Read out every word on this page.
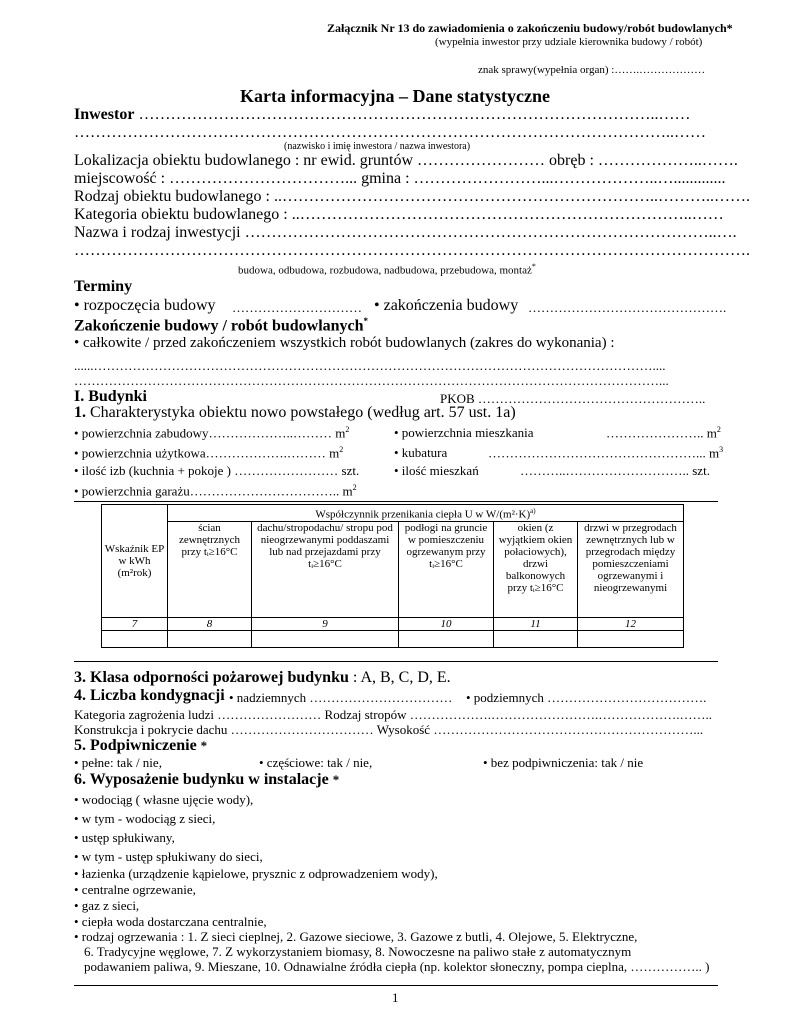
Załącznik Nr 13 do zawiadomienia o zakończeniu budowy/robót budowlanych*
(wypełnia inwestor przy udziale kierownika budowy / robót)
znak sprawy(wypełnia organ) :…….………………
Karta informacyjna – Dane statystyczne
Inwestor ……………………………………………………………………………………..……
…………………………………………………………………………………………………..……
(nazwisko i imię inwestora / nazwa inwestora)
Lokalizacja obiektu budowlanego : nr ewid. gruntów …………………… obręb : ………………..…….
miejscowość : ……………………………... gmina : ……………………...………………..….............
Rodzaj obiektu budowlanego : ..……………………………………………………………..………..…….
Kategoria obiektu budowlanego : ..………………………………………………………………..……
Nazwa i rodzaj inwestycji ……………………………………………………………………………..….
……………………………………………………………………………………………………………….
budowa, odbudowa, rozbudowa, nadbudowa, przebudowa, montaż*
Terminy
• rozpoczęcia budowy ………………………… • zakończenia budowy ……………………………………….
Zakończenie budowy / robót budowlanych*
• całkowite / przed zakończeniem wszystkich robót budowlanych (zakres do wykonania) :
......…………………………………………………………………………………………………………………....
………………………………………………………………………………………………………………………...
I. Budynki	PKOB ……………………………………………..
1. Charakterystyka obiektu nowo powstałego (według art. 57 ust. 1a)
• powierzchnia zabudowy………………..……… $m^2$	• powierzchnia mieszkania	………………….. $m^2$
• powierzchnia użytkowa……………….……… $m^2$	• kubatura	…………………………………………... $m^3$
• ilość izb (kuchnia + pokoje ) …………………… szt.	• ilość mieszkań	………..……………………….. szt.
• powierzchnia garażu…………………………….. $m^2$
Wskaźnik EP w kWh (m²rok)	Współczynnik przenikania ciepła U w $W/(m^2\cdot K)^{a)}$
	ścian zewnętrznych przy tᵢ≥16°C	dachu/stropodachu/ stropu pod nieogrzewanymi poddaszami lub nad przejazdami przy tᵢ≥16°C	podłogi na gruncie w pomieszczeniu ogrzewanym przy tᵢ≥16°C	okien (z wyjątkiem okien połaciowych), drzwi balkonowych przy tᵢ≥16°C	drzwi w przegrodach zewnętrznych lub w przegrodach między pomieszczeniami ogrzewanymi i nieogrzewanymi
7	8	9	10	11	12

3. Klasa odporności pożarowej budynku : A, B, C, D, E.
4. Liczba kondygnacji • nadziemnych …………………………… • podziemnych ……………………………….
Kategoria zagrożenia ludzi …………………… Rodzaj stropów ……………….…………………….……………….……..
Konstrukcja i pokrycie dachu …………………………… Wysokość ……………………………………………………...
5. Podpiwniczenie *
• pełne: tak / nie,	• częściowe: tak / nie,	• bez podpiwniczenia: tak / nie
6. Wyposażenie budynku w instalacje *
• wodociąg ( własne ujęcie wody),
• w tym - wodociąg z sieci,
• ustęp spłukiwany,
• w tym - ustęp spłukiwany do sieci,
• łazienka (urządzenie kąpielowe, prysznic z odprowadzeniem wody),
• centralne ogrzewanie,
• gaz z sieci,
• ciepła woda dostarczana centralnie,
• rodzaj ogrzewania : 1. Z sieci cieplnej, 2. Gazowe sieciowe, 3. Gazowe z butli, 4. Olejowe, 5. Elektryczne,
6. Tradycyjne węglowe, 7. Z wykorzystaniem biomasy, 8. Nowoczesne na paliwo stałe z automatycznym
podawaniem paliwa, 9. Mieszane, 10. Odnawialne źródła ciepła (np. kolektor słoneczny, pompa cieplna, …………….. )
1
